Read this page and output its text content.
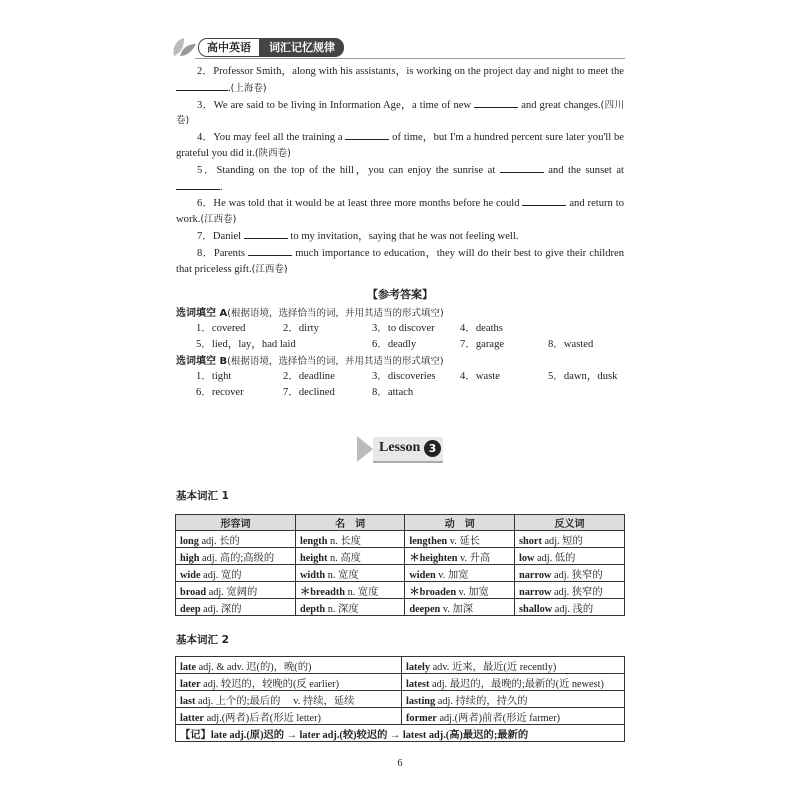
高中英语	词汇记忆规律

2．Professor Smith，along with his assistants，is working on the project day and night to meet the .(上海卷)

3．We are said to be living in Information Age，a time of new	and great changes.(四川卷)

4．You may feel all the training a	of time，but I'm a hundred percent sure later you'll be grateful you did it.(陕西卷)

5．Standing on the top of the hill，you can enjoy the sunrise at	and the sunset at .

6．He was told that it would be at least three more months before he could	and return to work.(江西卷)

7．Daniel	to my invitation，saying that he was not feeling well.

8．Parents	much importance to education，they will do their best to give their children that priceless gift.(江西卷)

【参考答案】
选词填空 A(根据语境，选择恰当的词，并用其适当的形式填空)
1．covered	2．dirty	3．to discover 4．deaths
5．lied，lay，had laid	6．deadly	7．garage	8．wasted
选词填空 B(根据语境，选择恰当的词，并用其适当的形式填空)
1．tight	2．deadline	3．discoveries 4．waste	5．dawn，dusk
6．recover	7．declined	8．attach
Lesson 3
基本词汇 1
形容词	名　词	动　词	反义词
long adj. 长的	length n. 长度	lengthen v. 延长	short adj. 短的
high adj. 高的;高级的	height n. 高度	＊heighten v. 升高	low adj. 低的
wide adj. 宽的	width n. 宽度	widen v. 加宽	narrow adj. 狭窄的
broad adj. 宽阔的	＊breadth n. 宽度	＊broaden v. 加宽	narrow adj. 狭窄的
deep adj. 深的	depth n. 深度	deepen v. 加深	shallow adj. 浅的
基本词汇 2
late adj. & adv. 迟(的)，晚(的)	lately adv. 近来，最近(近 recently)
later adj. 较迟的，较晚的(反 earlier)	latest adj. 最迟的，最晚的;最新的(近 newest)
last adj. 上个的;最后的　 v. 持续，延续	lasting adj. 持续的，持久的
latter adj.(两者)后者(形近 letter)	former adj.(两者)前者(形近 farmer)
【记】late adj.(原)迟的 → later adj.(较)较迟的 → latest adj.(高)最迟的;最新的	
6
